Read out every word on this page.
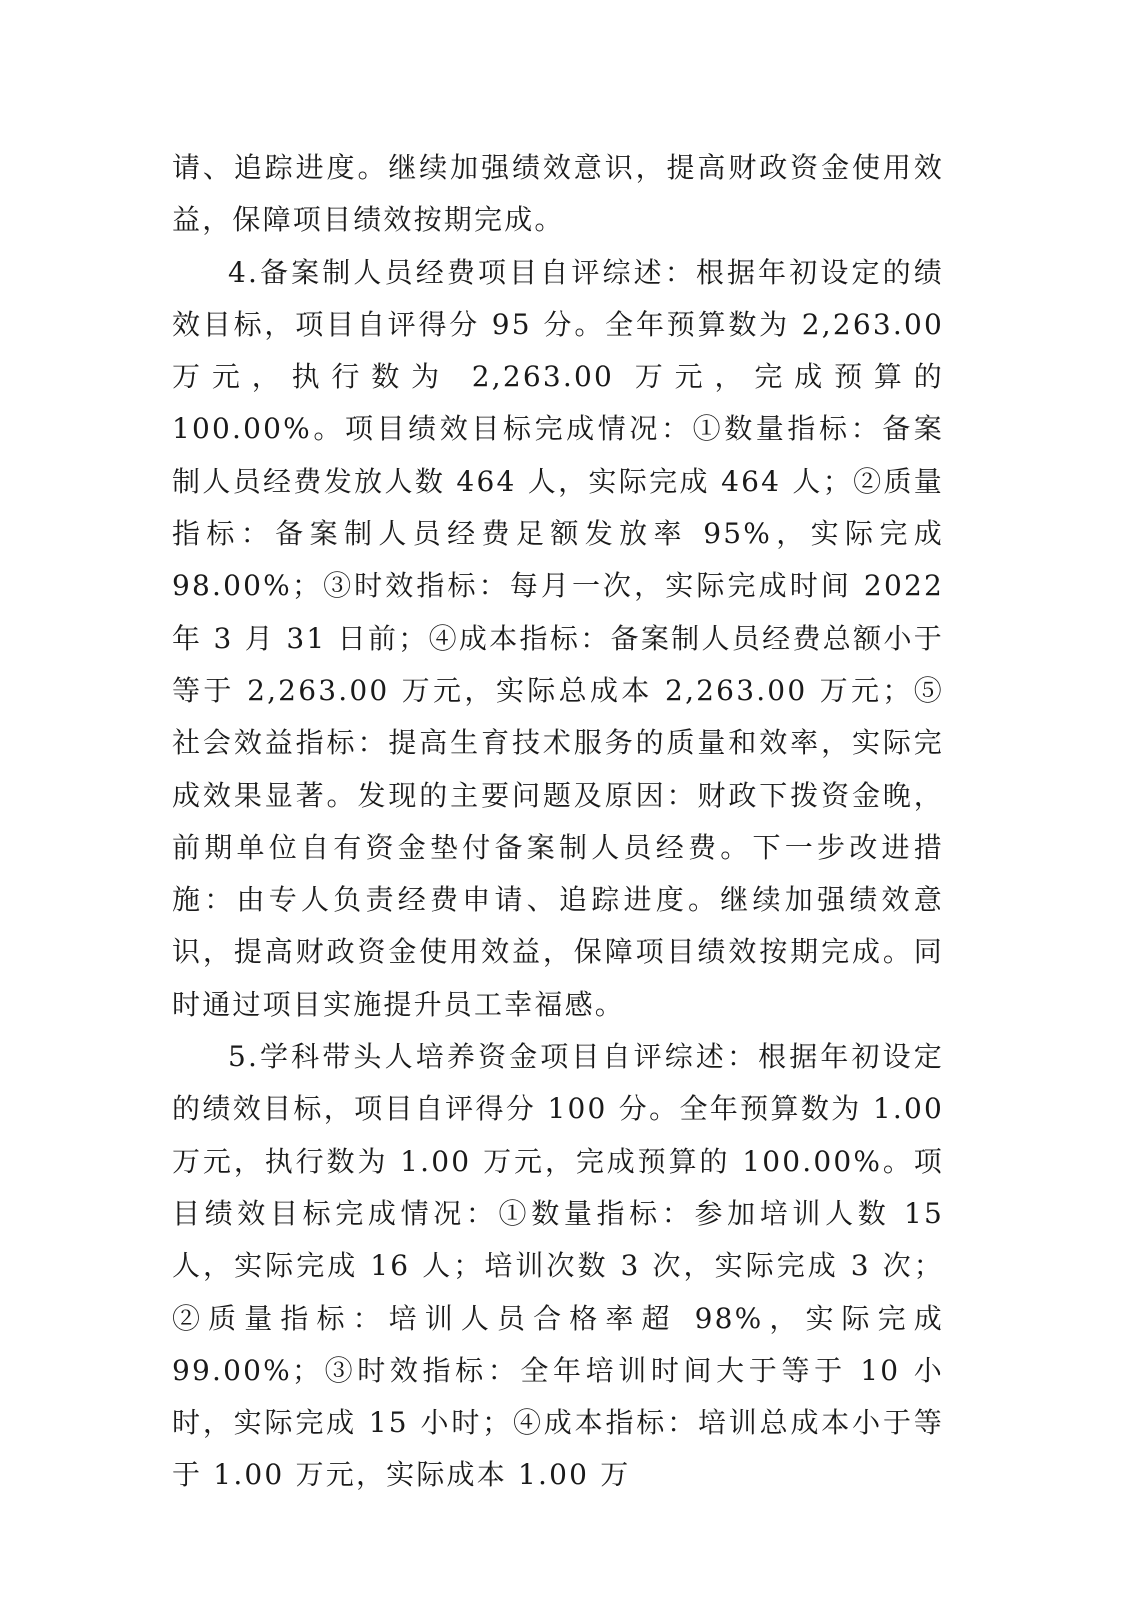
请、追踪进度。继续加强绩效意识，提高财政资金使用效益，保障项目绩效按期完成。

4.备案制人员经费项目自评综述：根据年初设定的绩效目标，项目自评得分 95 分。全年预算数为 2,263.00 万元，执行数为 2,263.00 万元，完成预算的 100.00%。项目绩效目标完成情况：①数量指标：备案制人员经费发放人数 464 人，实际完成 464 人；②质量指标：备案制人员经费足额发放率 95%，实际完成 98.00%；③时效指标：每月一次，实际完成时间 2022 年 3 月 31 日前；④成本指标：备案制人员经费总额小于等于 2,263.00 万元，实际总成本 2,263.00 万元；⑤社会效益指标：提高生育技术服务的质量和效率，实际完成效果显著。发现的主要问题及原因：财政下拨资金晚，前期单位自有资金垫付备案制人员经费。下一步改进措施：由专人负责经费申请、追踪进度。继续加强绩效意识，提高财政资金使用效益，保障项目绩效按期完成。同时通过项目实施提升员工幸福感。

5.学科带头人培养资金项目自评综述：根据年初设定的绩效目标，项目自评得分 100 分。全年预算数为 1.00 万元，执行数为 1.00 万元，完成预算的 100.00%。项目绩效目标完成情况：①数量指标：参加培训人数 15 人，实际完成 16 人；培训次数 3 次，实际完成 3 次；②质量指标：培训人员合格率超 98%，实际完成 99.00%；③时效指标：全年培训时间大于等于 10 小时，实际完成 15 小时；④成本指标：培训总成本小于等于 1.00 万元，实际成本 1.00 万
